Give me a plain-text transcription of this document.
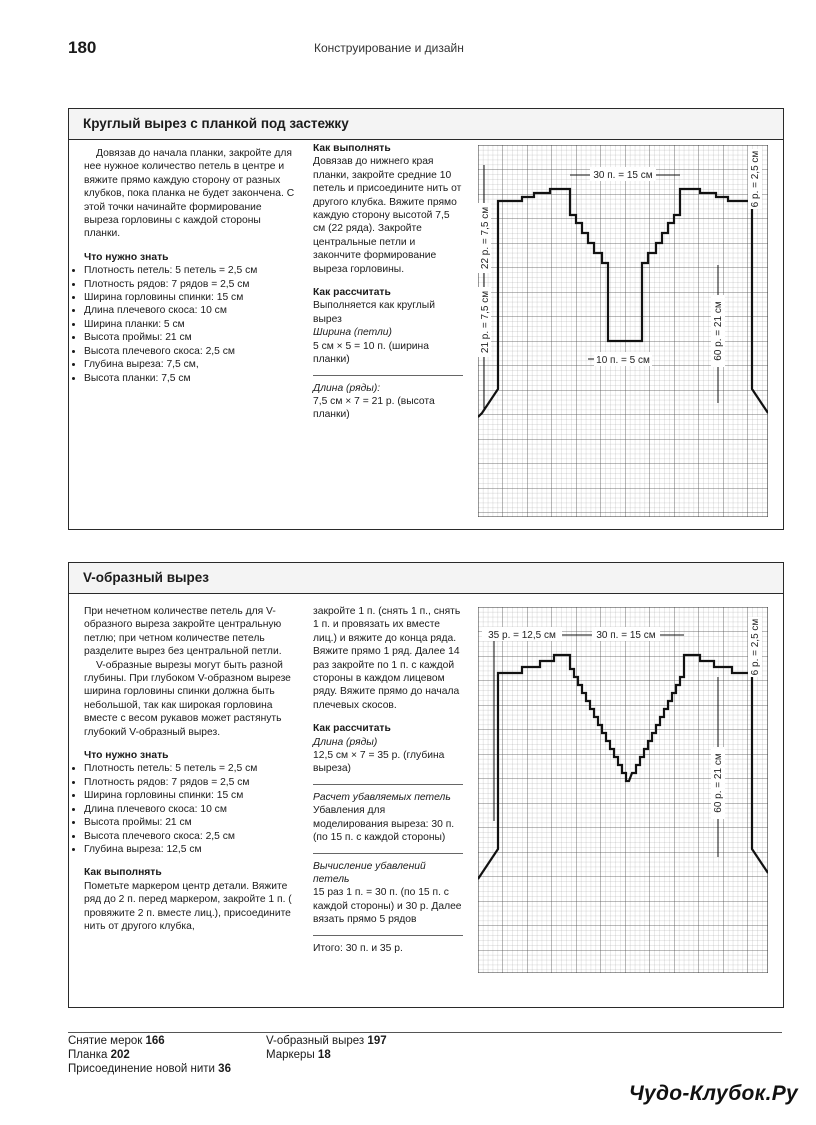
180	Конструирование и дизайн
Круглый вырез с планкой под застежку

Довязав до начала планки, закройте для нее нужное количество петель в центре и вяжите прямо каждую сторону от разных клубков, пока планка не будет закончена. С этой точки начинайте формирование выреза горловины с каждой стороны планки.

Что нужно знать

• Плотность петель: 5 петель = 2,5 см
• Плотность рядов: 7 рядов = 2,5 см
• Ширина горловины спинки: 15 см
• Длина плечевого скоса: 10 см
• Ширина планки: 5 см
• Высота проймы: 21 см
• Высота плечевого скоса: 2,5 см
• Глубина выреза: 7,5 см,
• Высота планки: 7,5 см

Как выполнять

Довязав до нижнего края планки, закройте средние 10 петель и присоедините нить от другого клубка. Вяжите прямо каждую сторону высотой 7,5 см (22 ряда). Закройте центральные петли и закончите формирование выреза горловины.

Как рассчитать

Выполняется как круглый вырез

Ширина (петли)

5 см × 5 = 10 п. (ширина планки)

Длина (ряды):

7,5 см × 7 = 21 р. (высота планки)

30 п. = 15 см
10 п. = 5 см
21 р. = 7,5 см
22 р. = 7,5 см
60 р. = 21 см
6 р. = 2,5 см
V-образный вырез

При нечетном количестве петель для V-образного выреза закройте центральную петлю; при четном количестве петель разделите вырез без центральной петли.

V-образные вырезы могут быть разной глубины. При глубоком V-образном вырезе ширина горловины спинки должна быть небольшой, так как широкая горловина вместе с весом рукавов может растянуть глубокий V-образный вырез.

Что нужно знать

• Плотность петель: 5 петель = 2,5 см
• Плотность рядов: 7 рядов = 2,5 см
• Ширина горловины спинки: 15 см
• Длина плечевого скоса: 10 см
• Высота проймы: 21 см
• Высота плечевого скоса: 2,5 см
• Глубина выреза: 12,5 см

Как выполнять

Пометьте маркером центр детали. Вяжите ряд до 2 п. перед маркером, закройте 1 п. ( провяжите 2 п. вместе лиц.), присоедините нить от другого клубка,

закройте 1 п. (снять 1 п., снять 1 п. и провязать их вместе лиц.) и вяжите до конца ряда. Вяжите прямо 1 ряд. Далее 14 раз закройте по 1 п. с каждой стороны в каждом лицевом ряду. Вяжите прямо до начала плечевых скосов.

Как рассчитать

Длина (ряды)

12,5 см × 7 = 35 р. (глубина выреза)

Расчет убавляемых петель

Убавления для моделирования выреза: 30 п. (по 15 п. с каждой стороны)

Вычисление убавлений петель

15 раз 1 п. = 30 п. (по 15 п. с каждой стороны) и 30 р. Далее вязать прямо 5 рядов

Итого: 30 п. и 35 р.

35 р. = 12,5 см	30 п. = 15 см
60 р. = 21 см
6 р. = 2,5 см
Снятие мерок 166
Планка 202
Присоединение новой нити 36
V-образный вырез 197
Маркеры 18
Чудо-Клубок.Ру
